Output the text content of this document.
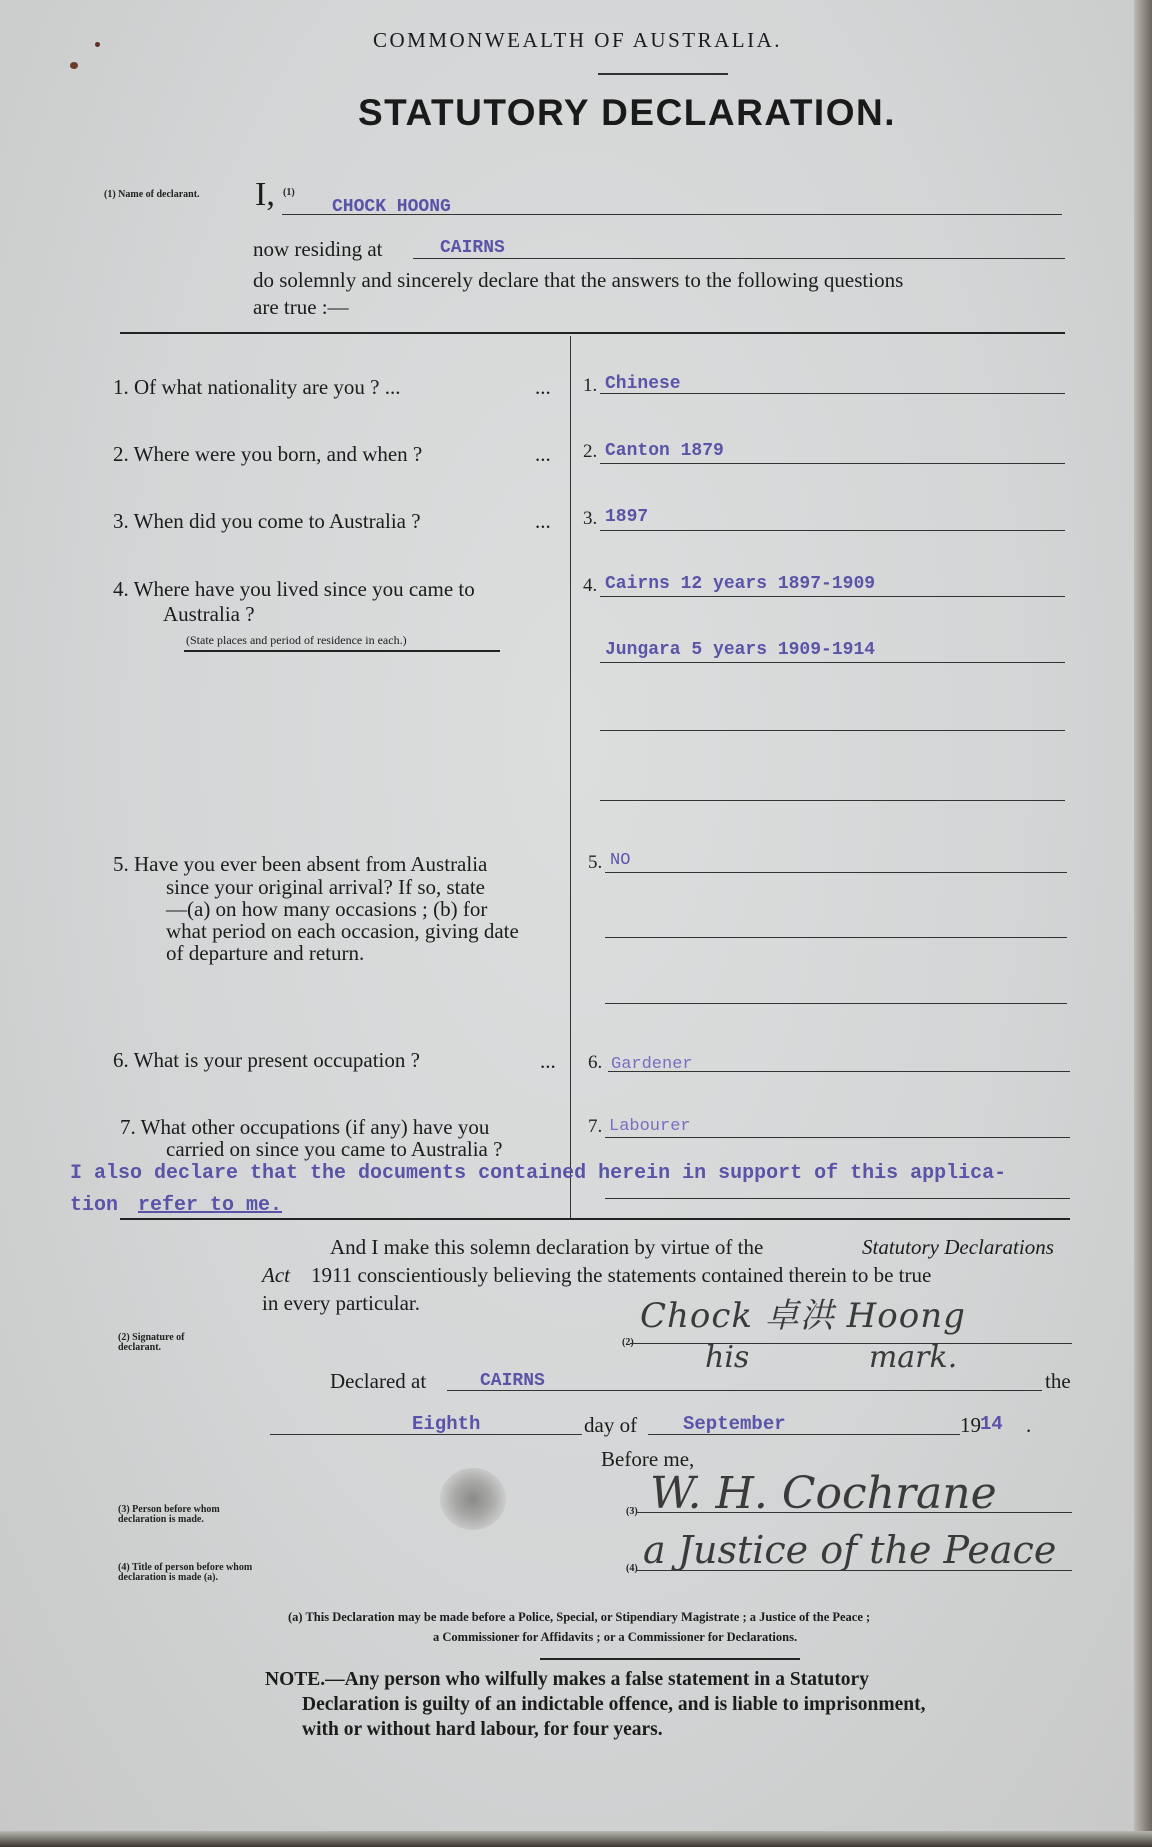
COMMONWEALTH OF AUSTRALIA.
STATUTORY DECLARATION.
(1) Name of declarant. I, (1)
CHOCK HOONG
now residing at	CAIRNS
do solemnly and sincerely declare that the answers to the following questions
are true :—
1. Of what nationality are you ? ...	... 1. Chinese
2. Where were you born, and when ?	... 2. Canton 1879
3. When did you come to Australia ?	... 3. 1897
4. Where have you lived since you came to
Australia ?
(State places and period of residence in each.)
4. Cairns 12 years 1897-1909
Jungara 5 years 1909-1914
5. Have you ever been absent from Australia
since your original arrival? If so, state
—(a) on how many occasions ; (b) for
what period on each occasion, giving date
of departure and return.
5. NO
6. What is your present occupation ?	... 6. Gardener
7. What other occupations (if any) have you
carried on since you came to Australia ?
7. Labourer
I also declare that the documents contained herein in support of this applica-
tion refer to me.
And I make this solemn declaration by virtue of the	Statutory Declarations
Act 1911 conscientiously believing the statements contained therein to be true
in every particular.
(2) Signature of declarant.	(2)
Chock 卓洪 Hoong
his mark.
Declared at	CAIRNS	the
Eighth	day of September	19 14 .
Before me,
(3) Person before whom declaration is made.
(3) W. H. Cochrane
(4) Title of person before whom declaration is made (a).
(4) a Justice of the Peace
(a) This Declaration may be made before a Police, Special, or Stipendiary Magistrate ; a Justice of the Peace ;
a Commissioner for Affidavits ; or a Commissioner for Declarations.
NOTE.—Any person who wilfully makes a false statement in a Statutory
Declaration is guilty of an indictable offence, and is liable to imprisonment,
with or without hard labour, for four years.
